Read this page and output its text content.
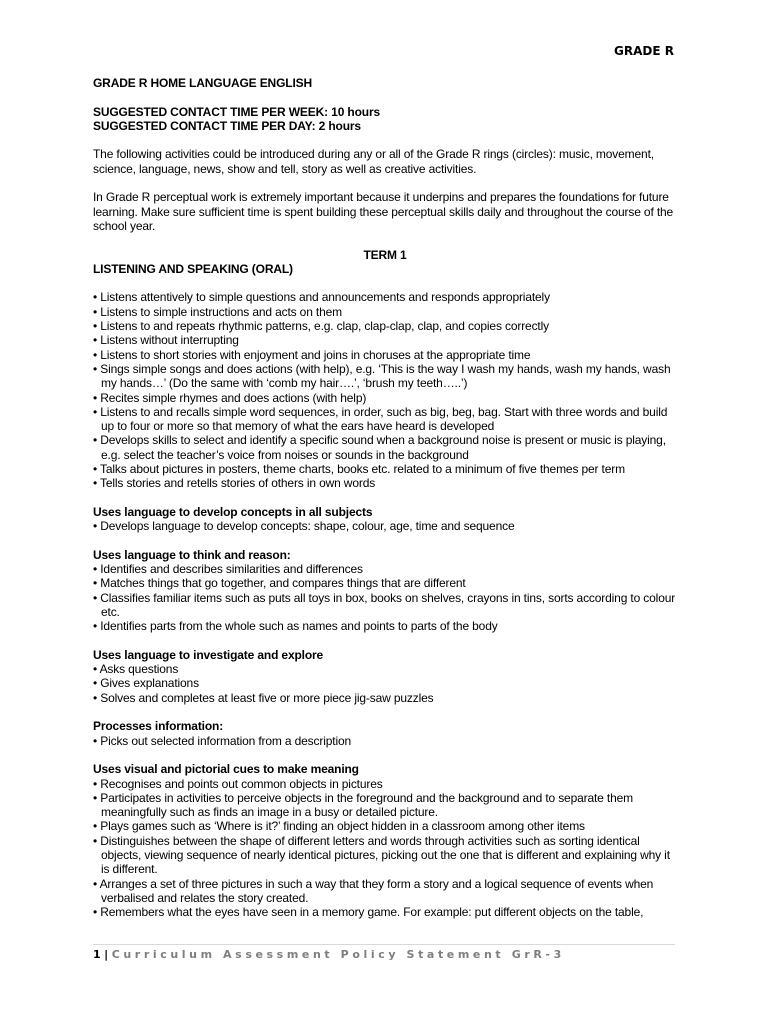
GRADE R

GRADE R HOME LANGUAGE ENGLISH

SUGGESTED CONTACT TIME PER WEEK: 10 hours

SUGGESTED CONTACT TIME PER DAY: 2 hours

The following activities could be introduced during any or all of the Grade R rings (circles): music, movement, science, language, news, show and tell, story as well as creative activities.

In Grade R perceptual work is extremely important because it underpins and prepares the foundations for future learning. Make sure sufficient time is spent building these perceptual skills daily and throughout the course of the school year.

TERM 1

LISTENING AND SPEAKING (ORAL)

• Listens attentively to simple questions and announcements and responds appropriately

• Listens to simple instructions and acts on them

• Listens to and repeats rhythmic patterns, e.g. clap, clap-clap, clap, and copies correctly

• Listens without interrupting

• Listens to short stories with enjoyment and joins in choruses at the appropriate time

• Sings simple songs and does actions (with help), e.g. ‘This is the way I wash my hands, wash my hands, wash my hands…’ (Do the same with ‘comb my hair….’, ‘brush my teeth…..’)

• Recites simple rhymes and does actions (with help)

• Listens to and recalls simple word sequences, in order, such as big, beg, bag. Start with three words and build up to four or more so that memory of what the ears have heard is developed

• Develops skills to select and identify a specific sound when a background noise is present or music is playing, e.g. select the teacher’s voice from noises or sounds in the background

• Talks about pictures in posters, theme charts, books etc. related to a minimum of five themes per term

• Tells stories and retells stories of others in own words

Uses language to develop concepts in all subjects

• Develops language to develop concepts: shape, colour, age, time and sequence

Uses language to think and reason:

• Identifies and describes similarities and differences

• Matches things that go together, and compares things that are different

• Classifies familiar items such as puts all toys in box, books on shelves, crayons in tins, sorts according to colour etc.

• Identifies parts from the whole such as names and points to parts of the body

Uses language to investigate and explore

• Asks questions

• Gives explanations

• Solves and completes at least five or more piece jig-saw puzzles

Processes information:

• Picks out selected information from a description

Uses visual and pictorial cues to make meaning

• Recognises and points out common objects in pictures

• Participates in activities to perceive objects in the foreground and the background and to separate them meaningfully such as finds an image in a busy or detailed picture.

• Plays games such as ‘Where is it?’ finding an object hidden in a classroom among other items

• Distinguishes between the shape of different letters and words through activities such as sorting identical objects, viewing sequence of nearly identical pictures, picking out the one that is different and explaining why it is different.

• Arranges a set of three pictures in such a way that they form a story and a logical sequence of events when verbalised and relates the story created.

• Remembers what the eyes have seen in a memory game. For example: put different objects on the table,

1 | Curriculum Assessment Policy Statement GrR-3
